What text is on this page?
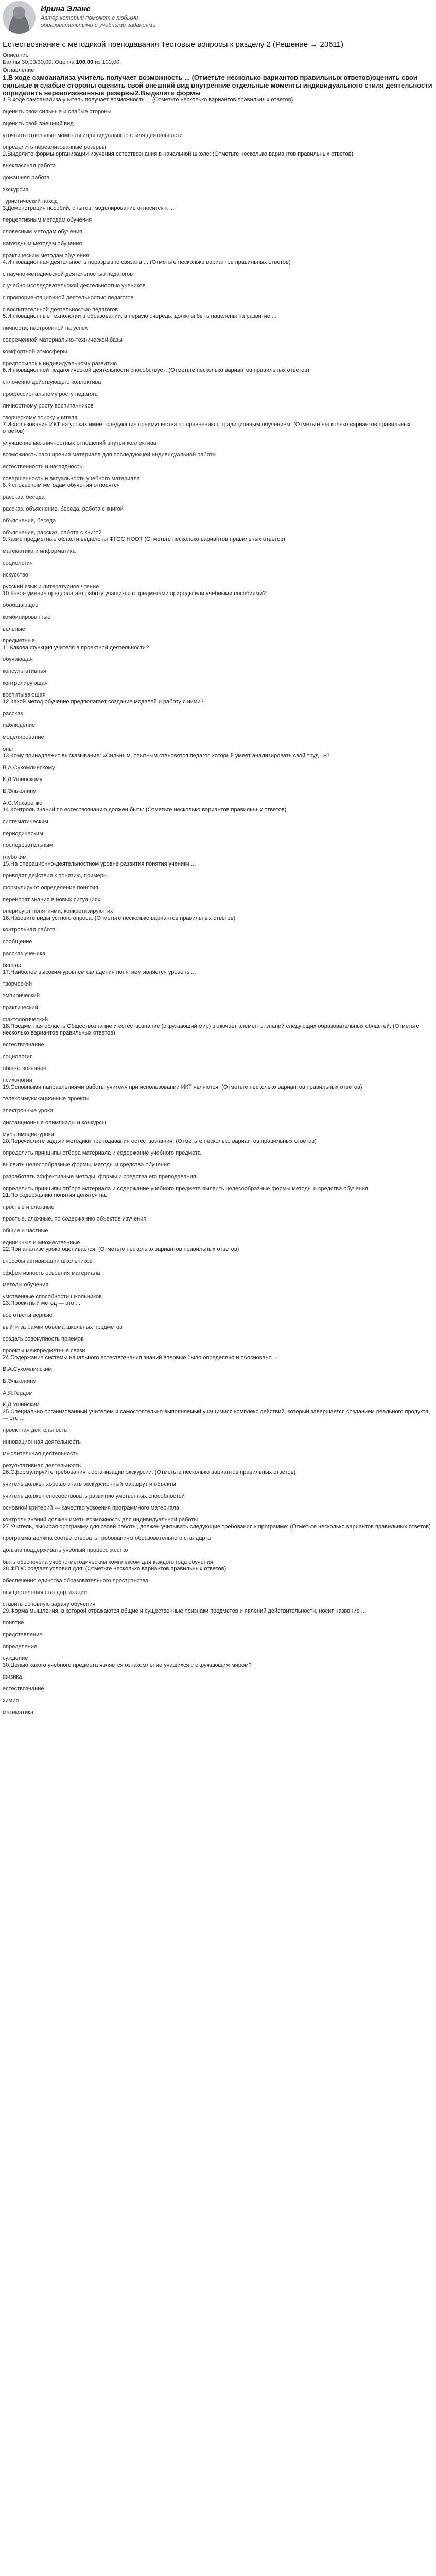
Ирина Эланс
Автор который поможет с любыми образовательными и учебными заданиями
Естествознание с методикой преподавания Тестовые вопросы к разделу 2 (Решение → 23611)
Описание
Баллы 30,00/30,00. Оценка 100,00 из 100,00.
Оглавление
1.В ходе самоанализа учитель получает возможность ... (Отметьте несколько вариантов правильных ответов)оценить свои сильные и слабые стороны оценить свой внешний вид внутренние отдельные моменты индивидуального стиля деятельности определить нереализованные резервы2.Выделите формы
1.В ходе самоанализа учитель получает возможность ... (Отметьте несколько вариантов правильных ответов)
оценить свои сильные и слабые стороны
оценить свой внешний вид
уточнить отдельные моменты индивидуального стиля деятельности
определить нереализованные резервы
2.Выделите формы организации изучения естествознания в начальной школе: (Отметьте несколько вариантов правильных ответов)
внеклассная работа
домашняя работа
экскурсия
туристический поход
3.Демонстрация пособий, опытов, моделирование относится к ...
перцептивным методам обучения
словесным методам обучения
наглядным методам обучения
практическим методам обучения
4.Инновационная деятельность неразрывно связана ... (Отметьте несколько вариантов правильных ответов)
с научно-методической деятельностью педагогов
с учебно-исследовательской деятельностью учеников
с профориентационной деятельностью педагогов
с воспитательной деятельностью педагогов
5.Инновационные технологии в образовании, в первую очередь, должны быть нацелены на развитие ...
личности, настроенной на успех
современной материально-технической базы
комфортной атмосферы
предпосылок к индивидуальному развитию
6.Инновационной педагогической деятельности способствует: (Отметьте несколько вариантов правильных ответов)
сплоченно действующего коллектива
профессиональному росту педагога
личностному росту воспитанников
творческому поиску учителя
7.Использование ИКТ на уроках имеет следующие преимущества по сравнению с традиционным обучением: (Отметьте несколько вариантов правильных ответов)
улучшение межличностных отношений внутри коллектива
возможность расширения материала для последующей индивидуальной работы
естественность и наглядность
совершенность и актуальность учебного материала
8.К словесным методам обучения относятся
рассказ, беседа
рассказ, объяснение, беседа, работа с книгой
объяснение, беседа
объяснение, рассказ, работа с книгой
9.Какие предметные области выделены ФГОС НООТ (Отметьте несколько вариантов правильных ответов)
математика и информатика
социология
искусство
русский язык и литературное чтение
10.Какое умение предполагает работу учащихся с предметами природы или учебными пособиями?
обобщающее
комбинированные
вельные
предметные
11.Какова функция учителя в проектной деятельности?
обучающая
консультативная
контролирующая
воспитывающая
12.Какой метод обучение предполагает создание моделей и работу с ними?
рассказ
наблюдение
моделирование
опыт
13.Кому принадлежит высказывание: «Сильным, опытным становятся педагог, который умеет анализировать свой труд...»?
В.А.Сухомлинскому
К.Д.Ушинскому
Б.Эльконину
А.С.Макаренко
14.Контроль знаний по естествознанию должен быть: (Отметьте несколько вариантов правильных ответов)
систематическим
периодическим
последовательным
глубоким
15.На операционно-деятельностном уровне развития понятия ученики ...
приводят действия к понятию, примеры
формулируют определение понятия
переносят знания в новых ситуациях
оперируют понятиями, конкретизируют их
16.Назовите виды устного опроса. (Отметьте несколько вариантов правильных ответов)
контрольная работа
сообщение
рассказ ученика
беседа
17.Наиболее высоким уровнем овладения понятием является уровень ...
творческий
эмпирический
практический
фактологический
18.Предметная область Обществознание и естествознание (окружающий мир) включает элементы знаний следующих образовательных областей: (Отметьте несколько вариантов правильных ответов)
естествознание
социология
обществознание
психология
19.Основными направлениями работы учителя при использовании ИКТ являются: (Отметьте несколько вариантов правильных ответов)
телекоммуникационные проекты
электронные уроки
дистанционные олимпиады и конкурсы
мультимедиа-уроки
20.Перечислите задачи методики преподавания естествознания. (Отметьте несколько вариантов правильных ответов)
определить принципы отбора материала и содержание учебного предмета
выявить целесообразные формы, методы и средства обучения
разработать эффективные методы, формы и средства его преподавания
определить принципы отбора материала и содержание учебного предмета выявить целесообразные формы методы и средства обучения
21.По содержанию понятия делятся на:
простые и сложные
простые, сложные, по содержанию объектов изучения
общие и частные
единичные и множественные
22.При анализе урока оценивается: (Отметьте несколько вариантов правильных ответов)
способы активизации школьников
эффективность освоения материала
методы обучения
умственные способности школьников
23.Проектный метод — это ...
все ответы верные
выйти за рамки объема школьных предметов
создать совокупность приемов
проекты межпредметные связи
24.Содержание системы начального естествознания знаний впервые было определено и обосновано ...
В.А.Сухомлинским
Б.Эльконину
А.Я.Гердом
К.Д.Ушинским
25.Специально организованный учителем и самостоятельно выполняемый учащимися комплекс действий, который завершается созданием реального продукта, — это ...
проектная деятельность
инновационная деятельность
мыслительная деятельность
результативная деятельность
26.Сформулируйте требования к организации экскурсии. (Отметьте несколько вариантов правильных ответов)
учитель должен хорошо знать экскурсионный маршрут и объекты
учитель должен способствовать развитию умственных способностей
основной критерий — качество усвоения программного материала
контроль знаний должен иметь возможность для индивидуальной работы
27.Учитель, выбирая программу для своей работы, должен учитывать следующие требования к программе: (Отметьте несколько вариантов правильных ответов)
программа должна соответствовать требованиям образовательного стандарта
должна поддерживать учебный процесс жестко
быть обеспечена учебно-методическим комплексом для каждого года обучения
28.ФГОС создает условия для: (Отметьте несколько вариантов правильных ответов)
обеспечения единства образовательного пространства
осуществления стандартизации
ставить основную задачу обучения
29.Форма мышления, в которой отражаются общие и существенные признаки предметов и явлений действительности, носит название ...
понятие
представление
определение
суждение
30.Целью какого учебного предмета является ознакомление учащихся с окружающим миром?
физика
естествознание
химия
математика
